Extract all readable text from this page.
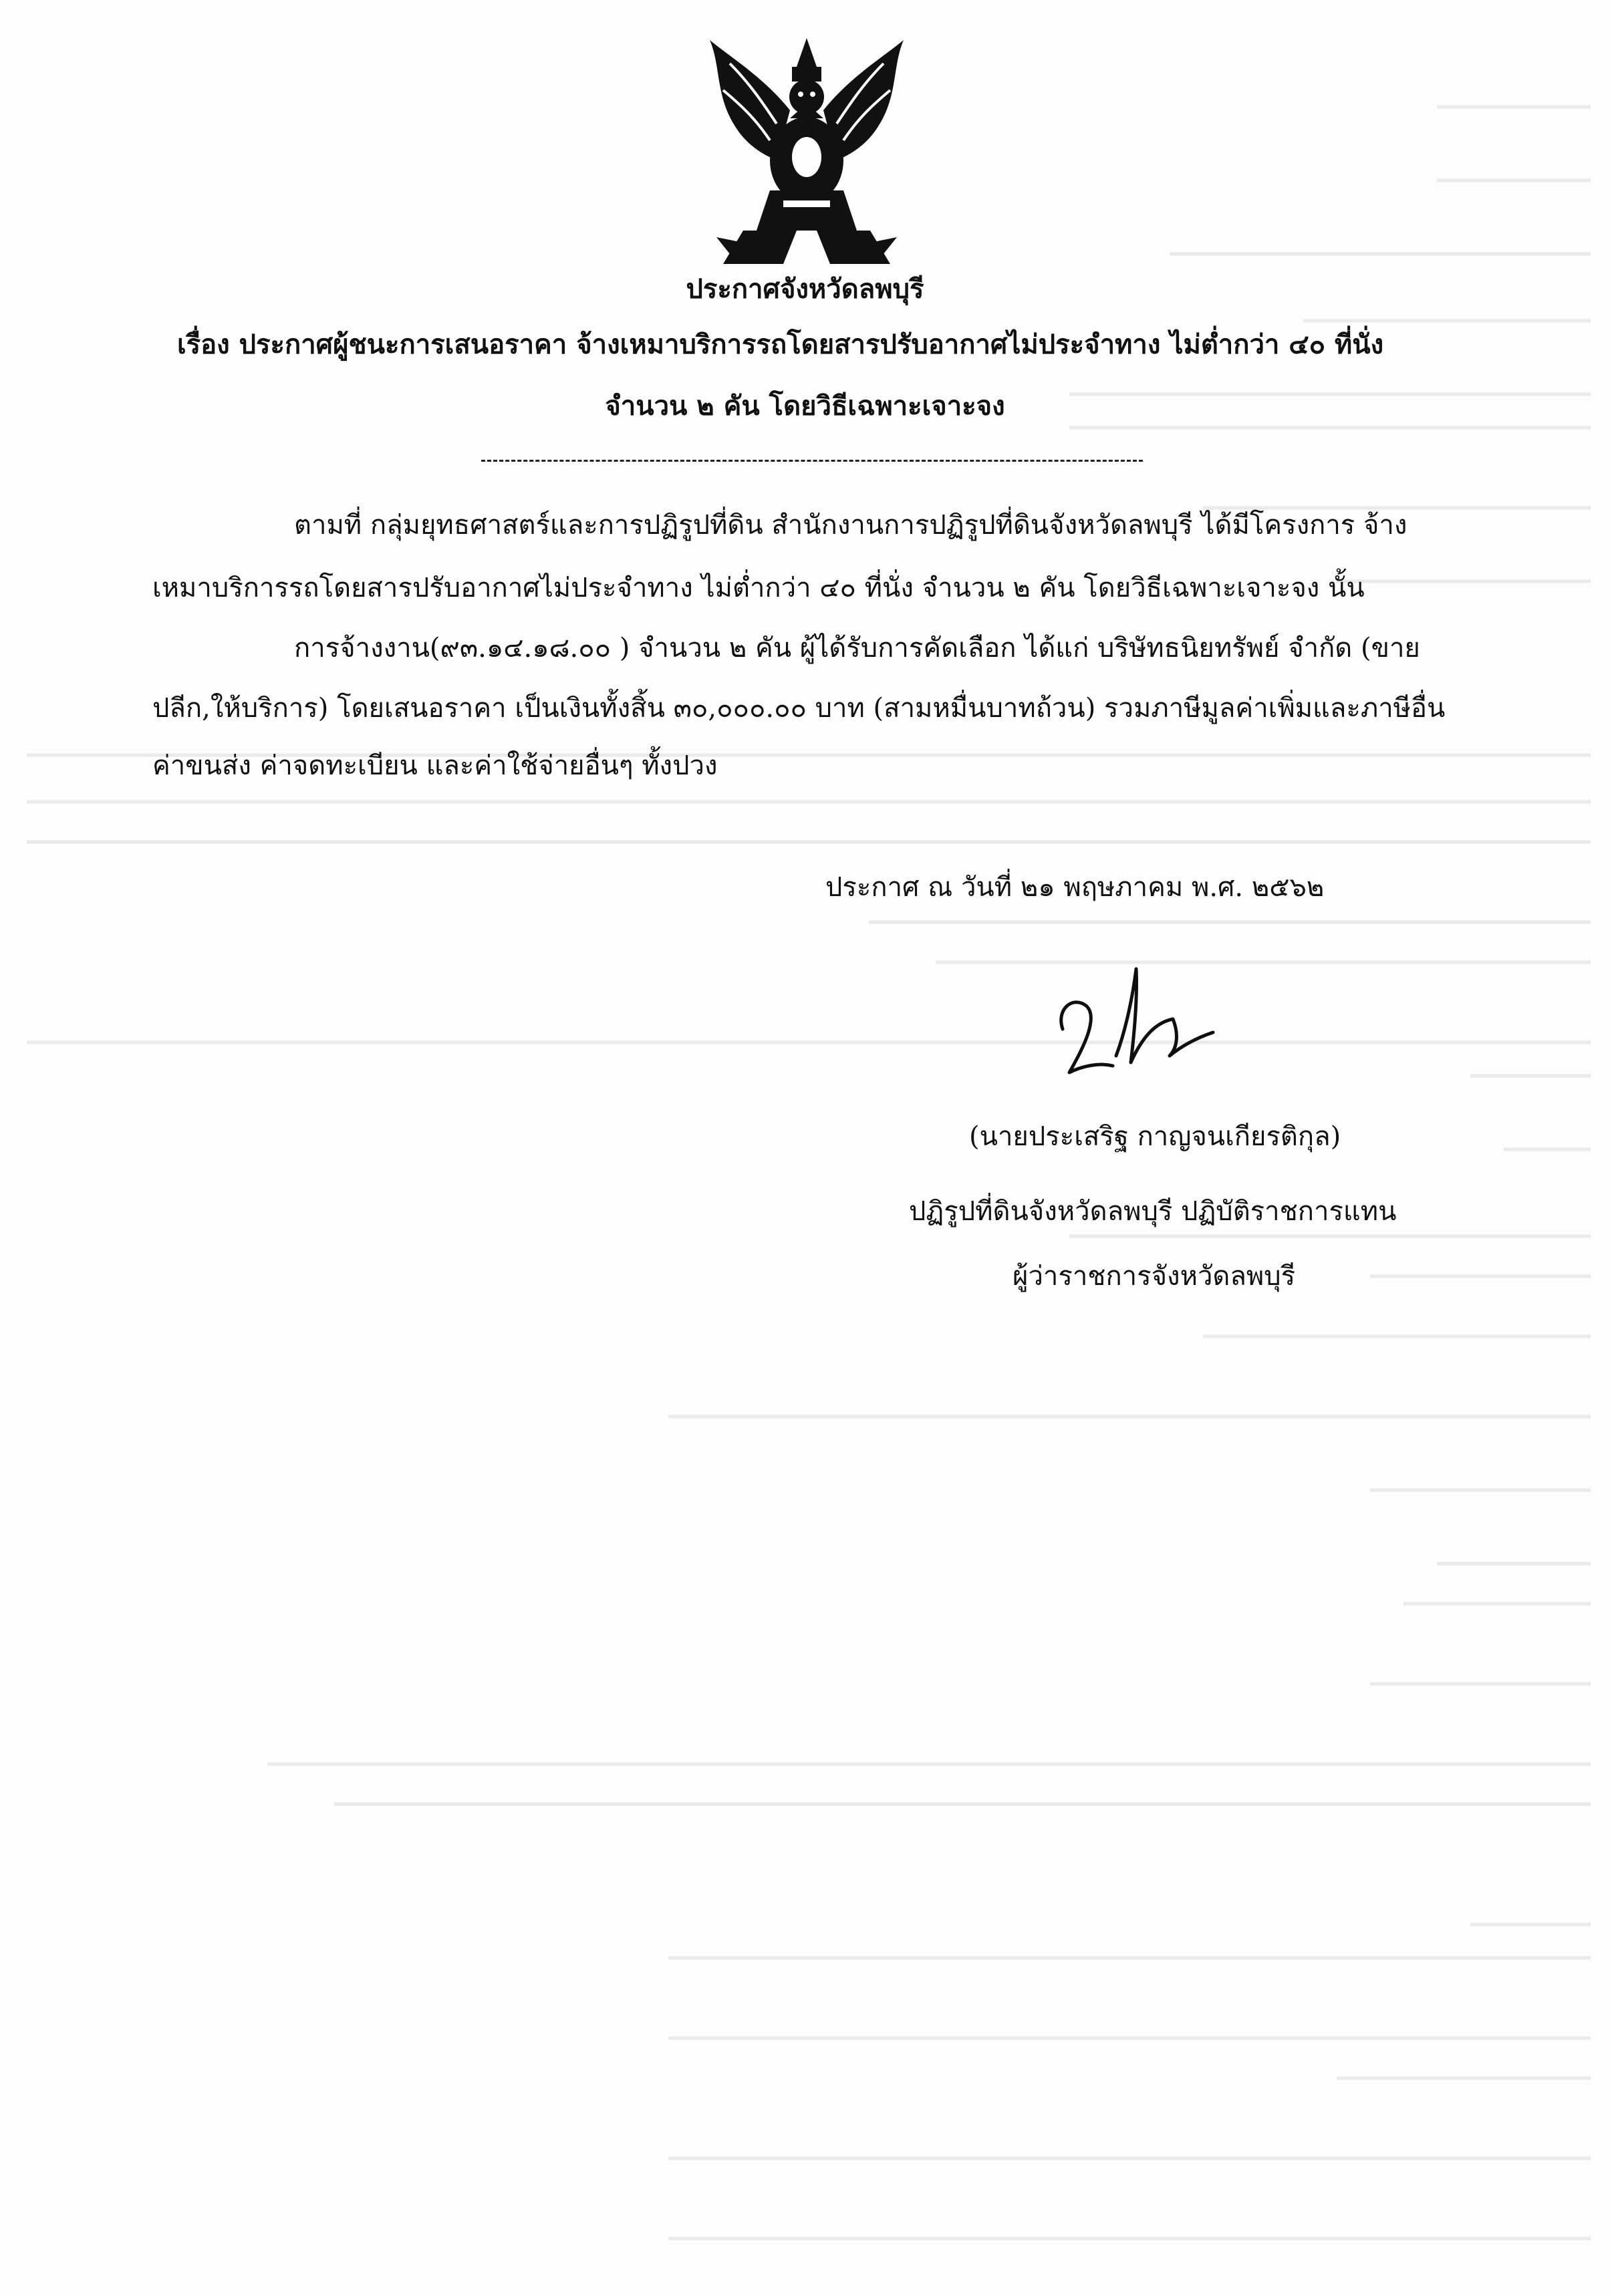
ประกาศจังหวัดลพบุรี
เรื่อง ประกาศผู้ชนะการเสนอราคา จ้างเหมาบริการรถโดยสารปรับอากาศไม่ประจำทาง ไม่ต่ำกว่า ๔๐ ที่นั่ง
จำนวน ๒ คัน โดยวิธีเฉพาะเจาะจง
ตามที่ กลุ่มยุทธศาสตร์และการปฏิรูปที่ดิน สำนักงานการปฏิรูปที่ดินจังหวัดลพบุรี ได้มีโครงการ จ้าง
เหมาบริการรถโดยสารปรับอากาศไม่ประจำทาง ไม่ต่ำกว่า ๔๐ ที่นั่ง จำนวน ๒ คัน โดยวิธีเฉพาะเจาะจง นั้น
การจ้างงาน(๙๓.๑๔.๑๘.๐๐ ) จำนวน ๒ คัน ผู้ได้รับการคัดเลือก ได้แก่ บริษัทธนิยทรัพย์ จำกัด (ขาย
ปลีก,ให้บริการ) โดยเสนอราคา เป็นเงินทั้งสิ้น ๓๐,๐๐๐.๐๐ บาท (สามหมื่นบาทถ้วน) รวมภาษีมูลค่าเพิ่มและภาษีอื่น
ค่าขนส่ง ค่าจดทะเบียน และค่าใช้จ่ายอื่นๆ ทั้งปวง
ประกาศ ณ วันที่ ๒๑ พฤษภาคม พ.ศ. ๒๕๖๒
(นายประเสริฐ กาญจนเกียรติกุล)
ปฏิรูปที่ดินจังหวัดลพบุรี ปฏิบัติราชการแทน
ผู้ว่าราชการจังหวัดลพบุรี
